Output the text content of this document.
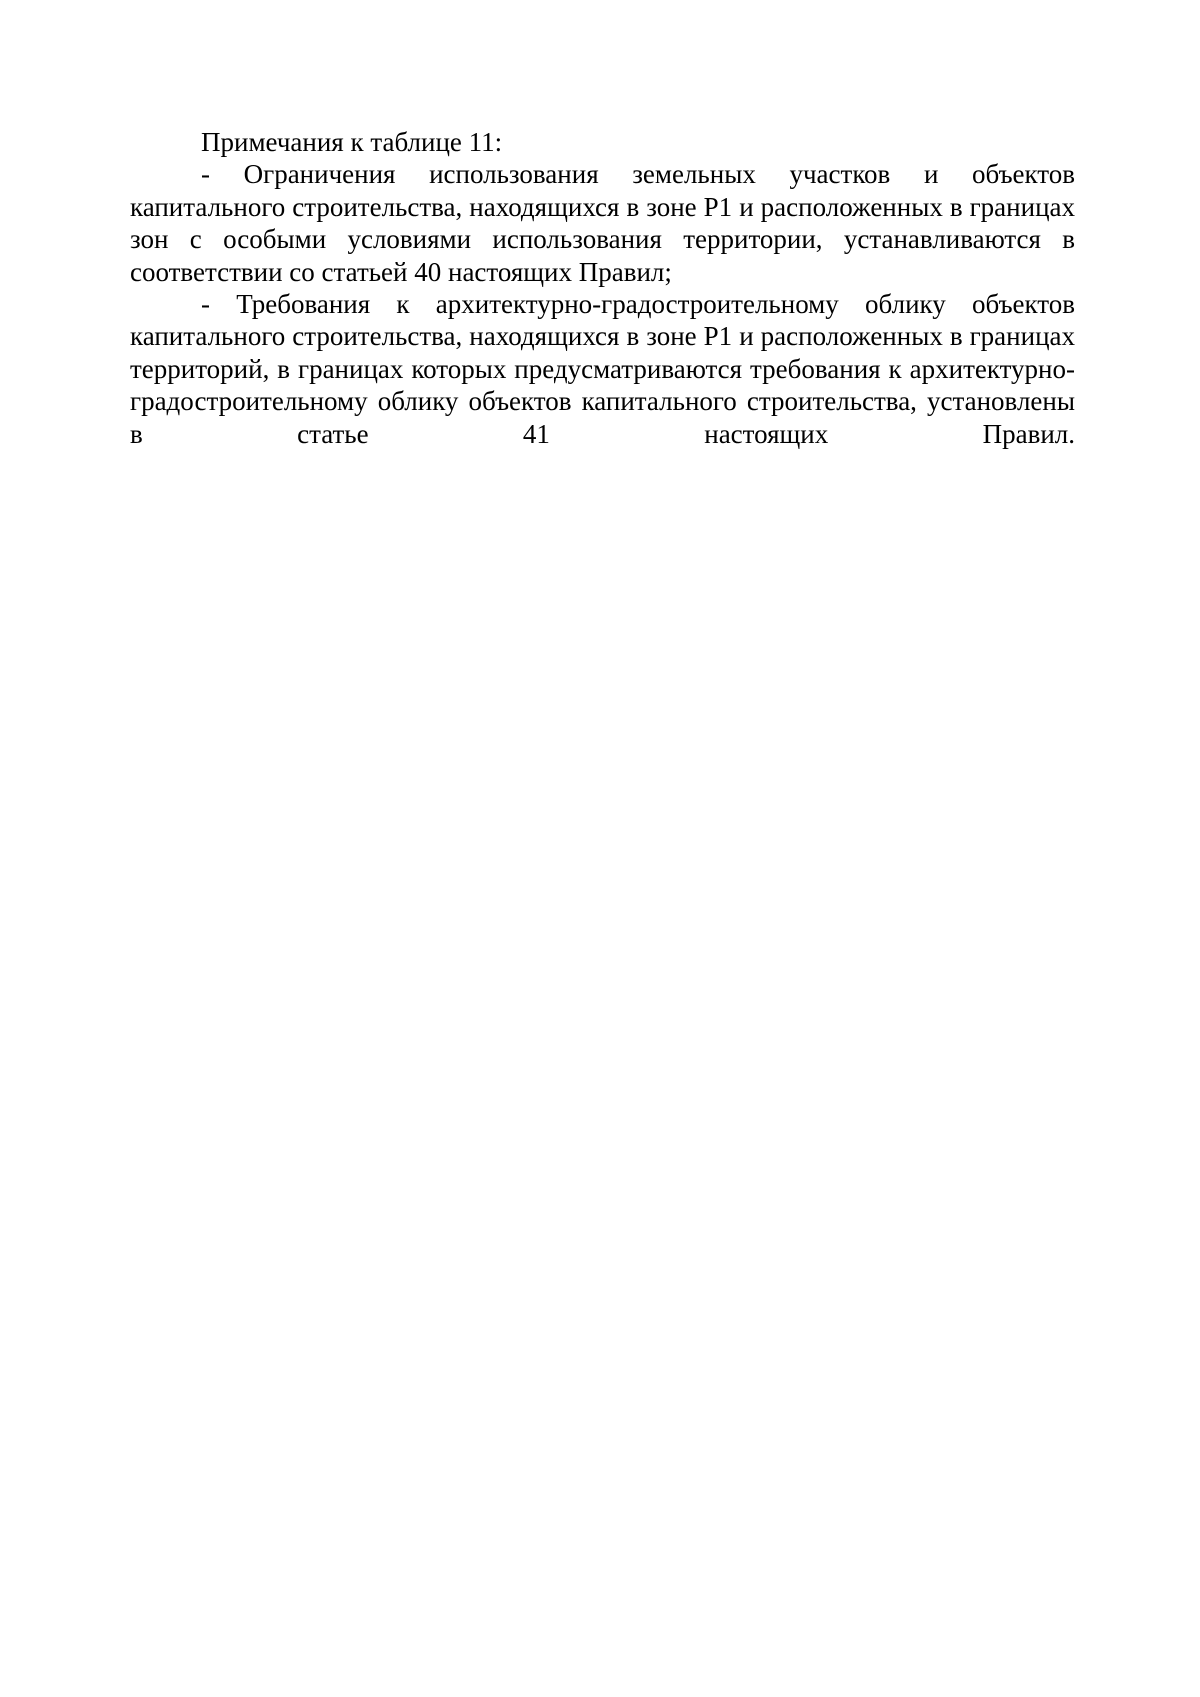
Примечания к таблице 11:

- Ограничения использования земельных участков и объектов капитального строительства, находящихся в зоне Р1 и расположенных в границах зон с особыми условиями использования территории, устанавливаются в соответствии со статьей 40 настоящих Правил;

- Требования к архитектурно-градостроительному облику объектов капитального строительства, находящихся в зоне Р1 и расположенных в границах территорий, в границах которых предусматриваются требования к архитектурно-градостроительному облику объектов капитального строительства, установлены в статье 41 настоящих Правил.
